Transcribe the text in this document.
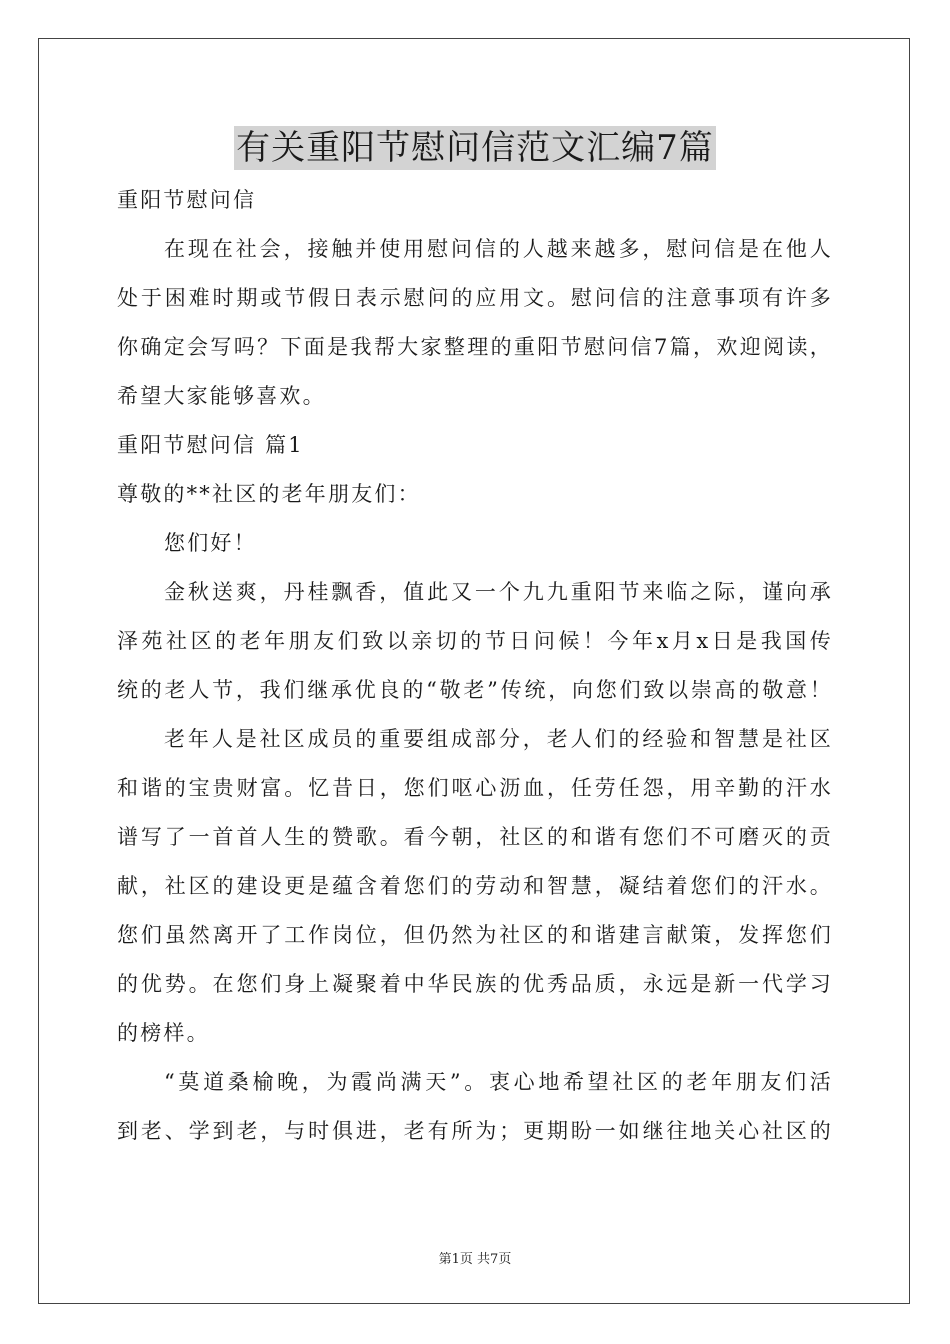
有关重阳节慰问信范文汇编7篇
重阳节慰问信
在现在社会，接触并使用慰问信的人越来越多，慰问信是在他人
处于困难时期或节假日表示慰问的应用文。慰问信的注意事项有许多
你确定会写吗？下面是我帮大家整理的重阳节慰问信7篇，欢迎阅读，
希望大家能够喜欢。
重阳节慰问信 篇1
尊敬的**社区的老年朋友们：
您们好！
金秋送爽，丹桂飘香，值此又一个九九重阳节来临之际，谨向承
泽苑社区的老年朋友们致以亲切的节日问候！今年x月x日是我国传
统的老人节，我们继承优良的“敬老”传统，向您们致以崇高的敬意！
老年人是社区成员的重要组成部分，老人们的经验和智慧是社区
和谐的宝贵财富。忆昔日，您们呕心沥血，任劳任怨，用辛勤的汗水
谱写了一首首人生的赞歌。看今朝，社区的和谐有您们不可磨灭的贡
献，社区的建设更是蕴含着您们的劳动和智慧，凝结着您们的汗水。
您们虽然离开了工作岗位，但仍然为社区的和谐建言献策，发挥您们
的优势。在您们身上凝聚着中华民族的优秀品质，永远是新一代学习
的榜样。
“莫道桑榆晚，为霞尚满天”。衷心地希望社区的老年朋友们活
到老、学到老，与时俱进，老有所为；更期盼一如继往地关心社区的
第1页 共7页
